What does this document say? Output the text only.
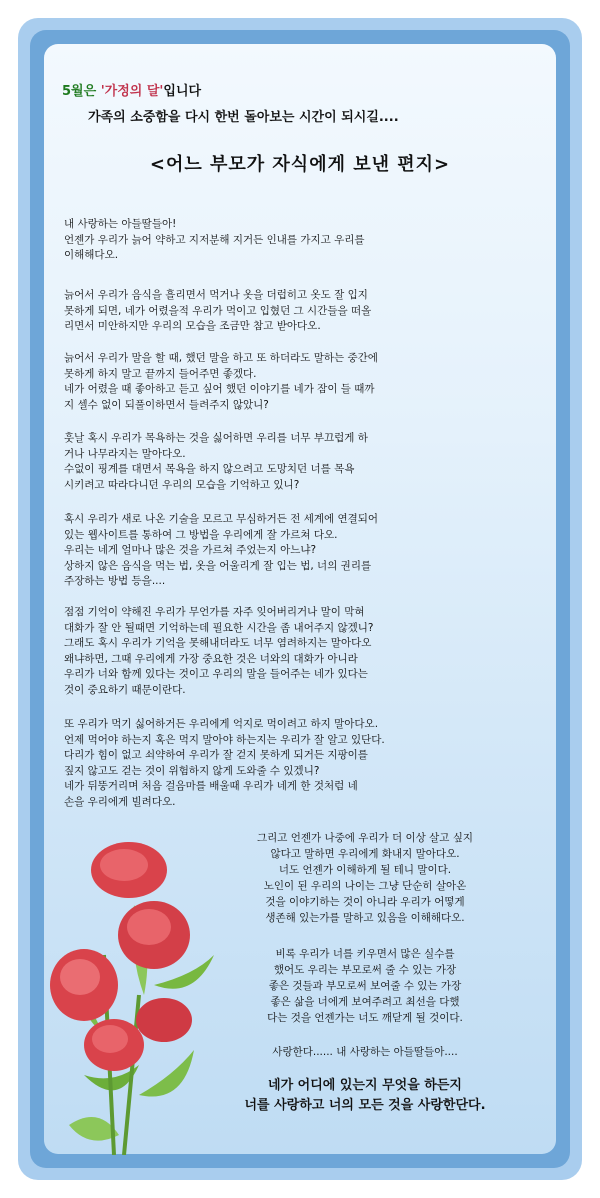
5월은 '가정의 달'입니다
가족의 소중함을 다시 한번 돌아보는 시간이 되시길....
<어느 부모가 자식에게 보낸 편지>
내 사랑하는 아들딸들아!
언젠가 우리가 늙어 약하고 지저분해 지거든 인내를 가지고 우리를
이해해다오.
늙어서 우리가 음식을 흘리면서 먹거나 옷을 더럽히고 옷도 잘 입지
못하게 되면, 네가 어렸을적 우리가 먹이고 입혔던 그 시간들을 떠올
리면서 미안하지만 우리의 모습을 조금만 참고 받아다오.
늙어서 우리가 말을 할 때, 했던 말을 하고 또 하더라도 말하는 중간에
못하게 하지 말고 끝까지 들어주면 좋겠다.
네가 어렸을 때 좋아하고 듣고 싶어 했던 이야기를 네가 잠이 들 때까
지 셀수 없이 되풀이하면서 들려주지 않았니?
훗날 혹시 우리가 목욕하는 것을 싫어하면 우리를 너무 부끄럽게 하
거나 나무라지는 말아다오.
수없이 핑계를 대면서 목욕을 하지 않으려고 도망치던 너를 목욕
시키려고 따라다니던 우리의 모습을 기억하고 있니?
혹시 우리가 새로 나온 기술을 모르고 무심하거든 전 세계에 연결되어
있는 웹사이트를 통하여 그 방법을 우리에게 잘 가르쳐 다오.
우리는 네게 얼마나 많은 것을 가르쳐 주었는지 아느냐?
상하지 않은 음식을 먹는 법, 옷을 어울리게 잘 입는 법, 너의 권리를
주장하는 방법 등을....
점점 기억이 약해진 우리가 무언가를 자주 잊어버리거나 말이 막혀
대화가 잘 안 될때면 기억하는데 필요한 시간을 좀 내어주지 않겠니?
그래도 혹시 우리가 기억을 못해내더라도 너무 염려하지는 말아다오
왜냐하면, 그때 우리에게 가장 중요한 것은 너와의 대화가 아니라
우리가 너와 함께 있다는 것이고 우리의 말을 들어주는 네가 있다는
것이 중요하기 때문이란다.
또 우리가 먹기 싫어하거든 우리에게 억지로 먹이려고 하지 말아다오.
언제 먹어야 하는지 혹은 먹지 말아야 하는지는 우리가 잘 알고 있단다.
다리가 힘이 없고 쇠약하여 우리가 잘 걷지 못하게 되거든 지팡이를
짚지 않고도 걷는 것이 위험하지 않게 도와줄 수 있겠니?
네가 뒤뚱거리며 처음 걸음마를 배울때 우리가 네게 한 것처럼 네
손을 우리에게 빌려다오.
그리고 언젠가 나중에 우리가 더 이상 살고 싶지
않다고 말하면 우리에게 화내지 말아다오.
너도 언젠가 이해하게 될 테니 말이다.
노인이 된 우리의 나이는 그냥 단순히 살아온
것을 이야기하는 것이 아니라 우리가 어떻게
생존해 있는가를 말하고 있음을 이해해다오.
비록 우리가 너를 키우면서 많은 실수를
했어도 우리는 부모로써 줄 수 있는 가장
좋은 것들과 부모로써 보여줄 수 있는 가장
좋은 삶을 너에게 보여주려고 최선을 다했
다는 것을 언젠가는 너도 깨닫게 될 것이다.
사랑한다...... 내 사랑하는 아들딸들아....
네가 어디에 있는지 무엇을 하든지
너를 사랑하고 너의 모든 것을 사랑한단다.
